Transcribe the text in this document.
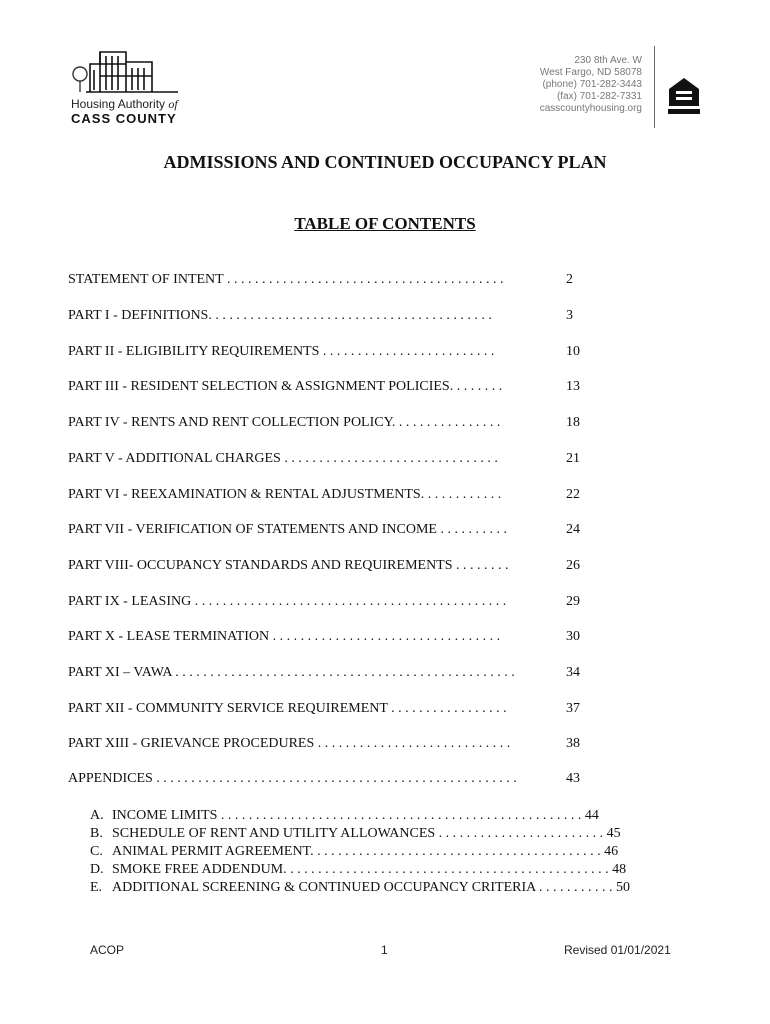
Housing Authority of
CASS COUNTY
230 8th Ave. W
West Fargo, ND 58078
(phone) 701-282-3443
(fax) 701-282-7331
casscountyhousing.org
ADMISSIONS AND CONTINUED OCCUPANCY PLAN
TABLE OF CONTENTS
STATEMENT OF INTENT . . . . . . . . . . . . . . . . . . . . . . . . . . . . . . . . . . . . . . . .	2
PART I - DEFINITIONS. . . . . . . . . . . . . . . . . . . . . . . . . . . . . . . . . . . . . . . . .	3
PART II - ELIGIBILITY REQUIREMENTS . . . . . . . . . . . . . . . . . . . . . . . . .	10
PART III - RESIDENT SELECTION & ASSIGNMENT POLICIES. . . . . . . .	13
PART IV - RENTS AND RENT COLLECTION POLICY. . . . . . . . . . . . . . . .	18
PART V - ADDITIONAL CHARGES . . . . . . . . . . . . . . . . . . . . . . . . . . . . . . .	21
PART VI - REEXAMINATION & RENTAL ADJUSTMENTS. . . . . . . . . . . .	22
PART VII - VERIFICATION OF STATEMENTS AND INCOME . . . . . . . . . .	24
PART VIII- OCCUPANCY STANDARDS AND REQUIREMENTS . . . . . . . .	26
PART IX - LEASING . . . . . . . . . . . . . . . . . . . . . . . . . . . . . . . . . . . . . . . . . . . . .	29
PART X - LEASE TERMINATION . . . . . . . . . . . . . . . . . . . . . . . . . . . . . . . . .	30
PART XI – VAWA . . . . . . . . . . . . . . . . . . . . . . . . . . . . . . . . . . . . . . . . . . . . . . . . .	34
PART XII - COMMUNITY SERVICE REQUIREMENT . . . . . . . . . . . . . . . . .	37
PART XIII - GRIEVANCE PROCEDURES . . . . . . . . . . . . . . . . . . . . . . . . . . . .	38
APPENDICES . . . . . . . . . . . . . . . . . . . . . . . . . . . . . . . . . . . . . . . . . . . . . . . . . . . .	43
A. INCOME LIMITS . . . . . . . . . . . . . . . . . . . . . . . . . . . . . . . . . . . . . . . . . . . . . . . . . . . . 44
B. SCHEDULE OF RENT AND UTILITY ALLOWANCES . . . . . . . . . . . . . . . . . . . . . . . . 45
C. ANIMAL PERMIT AGREEMENT. . . . . . . . . . . . . . . . . . . . . . . . . . . . . . . . . . . . . . . . . . 46
D. SMOKE FREE ADDENDUM. . . . . . . . . . . . . . . . . . . . . . . . . . . . . . . . . . . . . . . . . . . . . . . 48
E. ADDITIONAL SCREENING & CONTINUED OCCUPANCY CRITERIA . . . . . . . . . . . 50
ACOP	1	Revised 01/01/2021
